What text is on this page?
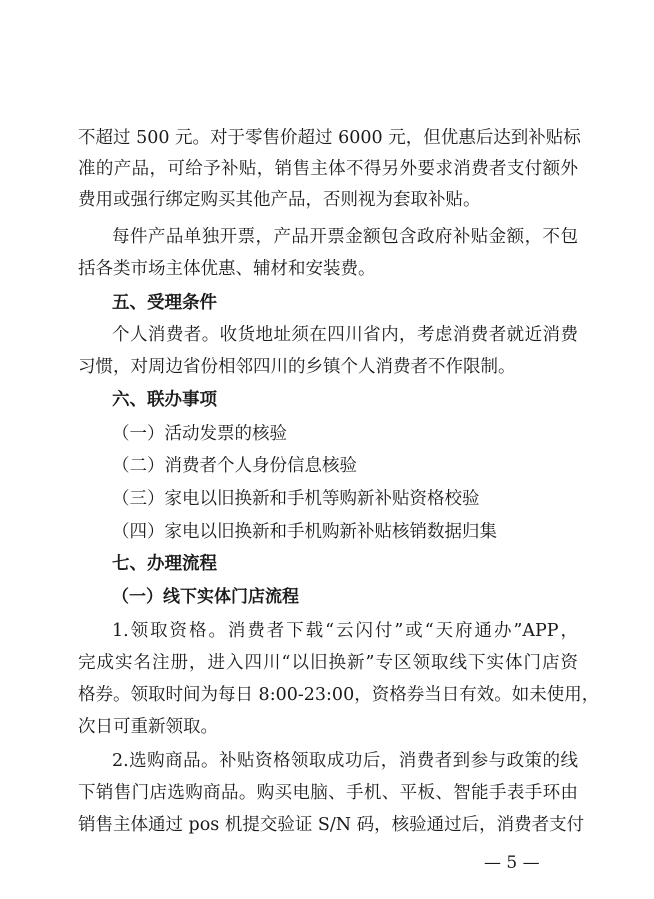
不超过 500 元。对于零售价超过 6000 元，但优惠后达到补贴标
准的产品，可给予补贴，销售主体不得另外要求消费者支付额外
费用或强行绑定购买其他产品，否则视为套取补贴。
每件产品单独开票，产品开票金额包含政府补贴金额，不包
括各类市场主体优惠、辅材和安装费。
五、受理条件
个人消费者。收货地址须在四川省内，考虑消费者就近消费
习惯，对周边省份相邻四川的乡镇个人消费者不作限制。
六、联办事项
（一）活动发票的核验
（二）消费者个人身份信息核验
（三）家电以旧换新和手机等购新补贴资格校验
（四）家电以旧换新和手机购新补贴核销数据归集
七、办理流程
（一）线下实体门店流程
1.领取资格。消费者下载“云闪付”或“天府通办”APP，
完成实名注册，进入四川“以旧换新”专区领取线下实体门店资
格券。领取时间为每日 8:00-23:00，资格券当日有效。如未使用，
次日可重新领取。
2.选购商品。补贴资格领取成功后，消费者到参与政策的线
下销售门店选购商品。购买电脑、手机、平板、智能手表手环由
销售主体通过 pos 机提交验证 S/N 码，核验通过后，消费者支付
— 5 —
